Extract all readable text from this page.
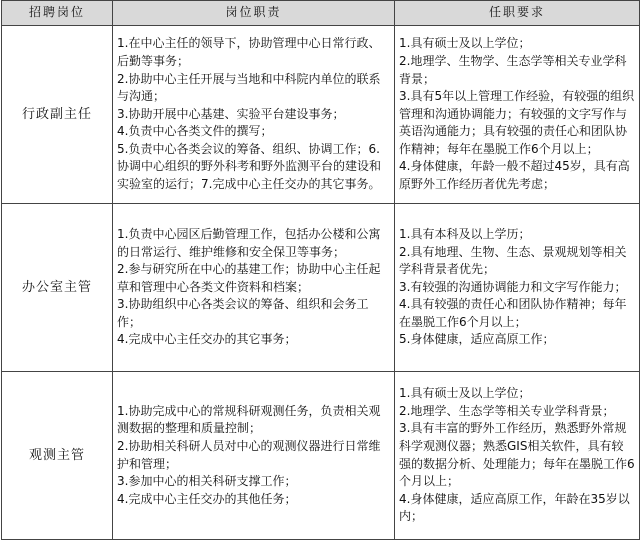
招聘岗位	岗位职责	任职要求
行政副主任	1.在中心主任的领导下，协助管理中心日常行政、后勤等事务；
2.协助中心主任开展与当地和中科院内单位的联系与沟通；
3.协助开展中心基建、实验平台建设事务；
4.负责中心各类文件的撰写；
5.负责中心各类会议的筹备、组织、协调工作；6.协调中心组织的野外科考和野外监测平台的建设和实验室的运行；7.完成中心主任交办的其它事务。	1.具有硕士及以上学位；
2.地理学、生物学、生态学等相关专业学科背景；
3.具有5年以上管理工作经验，有较强的组织管理和沟通协调能力；有较强的文字写作与英语沟通能力；具有较强的责任心和团队协作精神；每年在墨脱工作6个月以上；
4.身体健康，年龄一般不超过45岁，具有高原野外工作经历者优先考虑；

办公室主管	1.负责中心园区后勤管理工作，包括办公楼和公寓的日常运行、维护维修和安全保卫等事务；
2.参与研究所在中心的基建工作；协助中心主任起草和管理中心各类文件资料和档案；
3.协助组织中心各类会议的筹备、组织和会务工作；
4.完成中心主任交办的其它事务；	1.具有本科及以上学历；
2.具有地理、生物、生态、景观规划等相关学科背景者优先；
3.有较强的沟通协调能力和文字写作能力；
4.具有较强的责任心和团队协作精神；每年在墨脱工作6个月以上；
5.身体健康，适应高原工作；

观测主管	1.协助完成中心的常规科研观测任务，负责相关观测数据的整理和质量控制；
2.协助相关科研人员对中心的观测仪器进行日常维护和管理；
3.参加中心的相关科研支撑工作；
4.完成中心主任交办的其他任务；	1.具有硕士及以上学位；
2.地理学、生态学等相关专业学科背景；
3.具有丰富的野外工作经历，熟悉野外常规科学观测仪器；熟悉GIS相关软件，具有较强的数据分析、处理能力；每年在墨脱工作6个月以上；
4.身体健康，适应高原工作，年龄在35岁以内；
